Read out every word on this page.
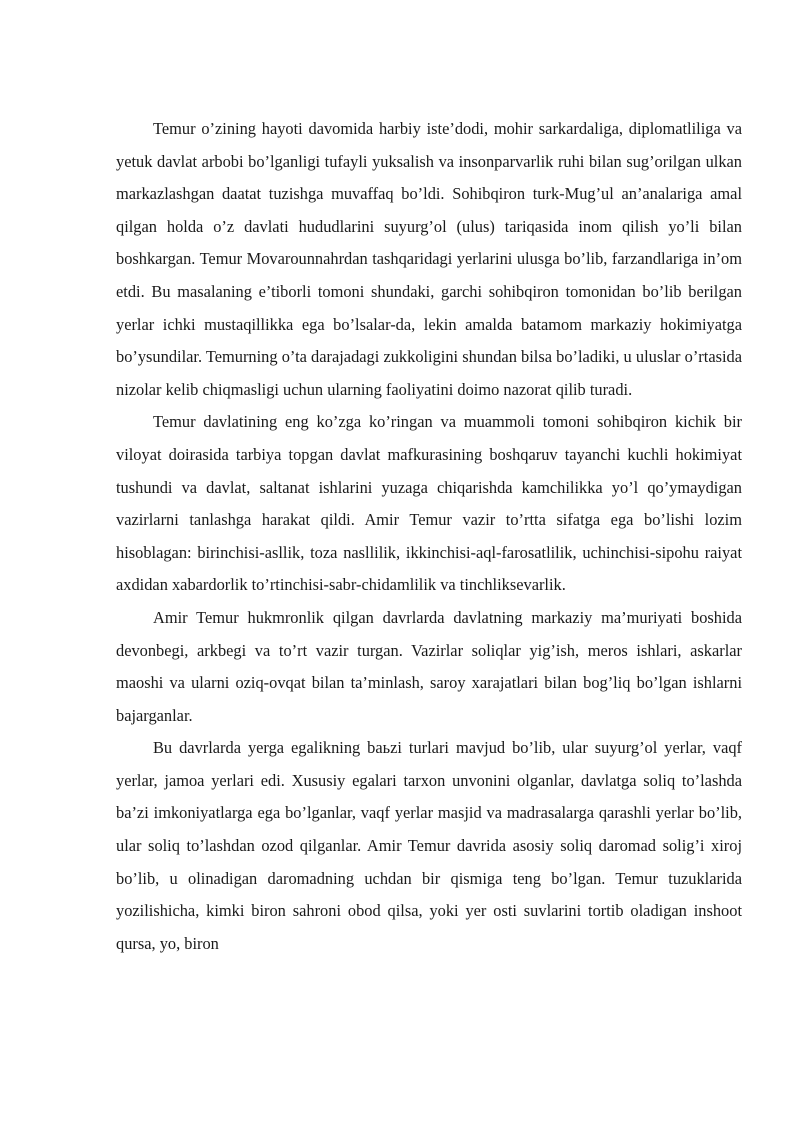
Temur o’zining hayoti davomida harbiy iste’dodi, mohir sarkardaliga, diplomatliliga va yetuk davlat arbobi bo’lganligi tufayli yuksalish va insonparvarlik ruhi bilan sug’orilgan ulkan markazlashgan daatat tuzishga muvaffaq bo’ldi. Sohibqiron turk-Mug’ul an’analariga amal qilgan holda o’z davlati hududlarini suyurg’ol (ulus) tariqasida inom qilish yo’li bilan boshkargan. Temur Movarounnahrdan tashqaridagi yerlarini ulusga bo’lib, farzandlariga in’om etdi. Bu masalaning e’tiborli tomoni shundaki, garchi sohibqiron tomonidan bo’lib berilgan yerlar ichki mustaqillikka ega bo’lsalar-da, lekin amalda batamom markaziy hokimiyatga bo’ysundilar. Temurning o’ta darajadagi zukkoligini shundan bilsa bo’ladiki, u uluslar o’rtasida nizolar kelib chiqmasligi uchun ularning faoliyatini doimo nazorat qilib turadi.

Temur davlatining eng ko’zga ko’ringan va muammoli tomoni sohibqiron kichik bir viloyat doirasida tarbiya topgan davlat mafkurasining boshqaruv tayanchi kuchli hokimiyat tushundi va davlat, saltanat ishlarini yuzaga chiqarishda kamchilikka yo’l qo’ymaydigan vazirlarni tanlashga harakat qildi. Amir Temur vazir to’rtta sifatga ega bo’lishi lozim hisoblagan: birinchisi-asllik, toza nasllilik, ikkinchisi-aql-farosatlilik, uchinchisi-sipohu raiyat axdidan xabardorlik to’rtinchisi-sabr-chidamlilik va tinchliksevarlik.

Amir Temur hukmronlik qilgan davrlarda davlatning markaziy ma’muriyati boshida devonbegi, arkbegi va to’rt vazir turgan. Vazirlar soliqlar yig’ish, meros ishlari, askarlar maoshi va ularni oziq-ovqat bilan ta’minlash, saroy xarajatlari bilan bog’liq bo’lgan ishlarni bajarganlar.

Bu davrlarda yerga egalikning baьzi turlari mavjud bo’lib, ular suyurg’ol yerlar, vaqf yerlar, jamoa yerlari edi. Xususiy egalari tarxon unvonini olganlar, davlatga soliq to’lashda ba’zi imkoniyatlarga ega bo’lganlar, vaqf yerlar masjid va madrasalarga qarashli yerlar bo’lib, ular soliq to’lashdan ozod qilganlar. Amir Temur davrida asosiy soliq daromad solig’i xiroj bo’lib, u olinadigan daromadning uchdan bir qismiga teng bo’lgan. Temur tuzuklarida yozilishicha, kimki biron sahroni obod qilsa, yoki yer osti suvlarini tortib oladigan inshoot qursa, yo, biron
